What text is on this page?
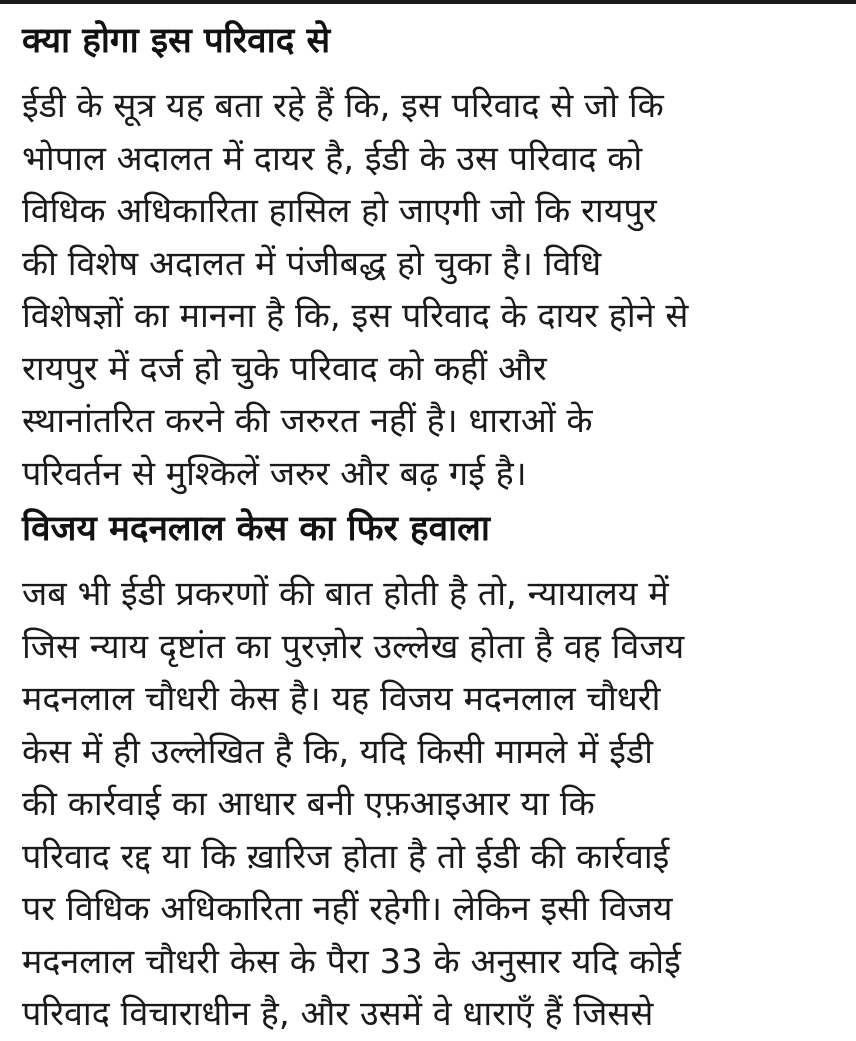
क्या होगा इस परिवाद से
ईडी के सूत्र यह बता रहे हैं कि, इस परिवाद से जो कि
भोपाल अदालत में दायर है, ईडी के उस परिवाद को
विधिक अधिकारिता हासिल हो जाएगी जो कि रायपुर
की विशेष अदालत में पंजीबद्ध हो चुका है। विधि
विशेषज्ञों का मानना है कि, इस परिवाद के दायर होने से
रायपुर में दर्ज हो चुके परिवाद को कहीं और
स्थानांतरित करने की जरुरत नहीं है। धाराओं के
परिवर्तन से मुश्किलें जरुर और बढ़ गई है।
विजय मदनलाल केस का फिर हवाला
जब भी ईडी प्रकरणों की बात होती है तो, न्यायालय में
जिस न्याय दृष्टांत का पुरज़ोर उल्लेख होता है वह विजय
मदनलाल चौधरी केस है। यह विजय मदनलाल चौधरी
केस में ही उल्लेखित है कि, यदि किसी मामले में ईडी
की कार्रवाई का आधार बनी एफ़आइआर या कि
परिवाद रद्द या कि ख़ारिज होता है तो ईडी की कार्रवाई
पर विधिक अधिकारिता नहीं रहेगी। लेकिन इसी विजय
मदनलाल चौधरी केस के पैरा 33 के अनुसार यदि कोई
परिवाद विचाराधीन है, और उसमें वे धाराएँ हैं जिससे
